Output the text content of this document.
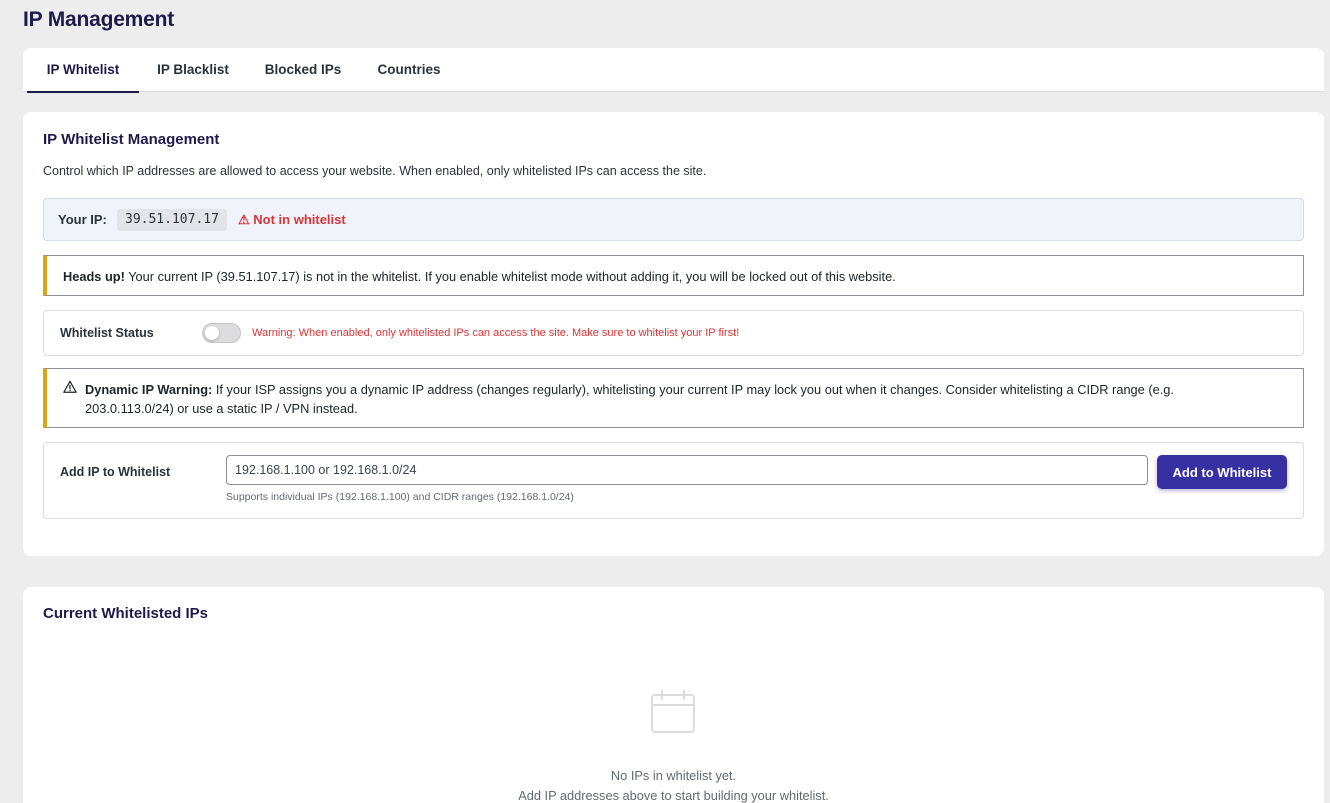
IP Management
IP Whitelist	IP Blacklist	Blocked IPs	Countries
IP Whitelist Management
Control which IP addresses are allowed to access your website. When enabled, only whitelisted IPs can access the site.
Your IP:	39.51.107.17	⚠ Not in whitelist
Heads up! Your current IP (39.51.107.17) is not in the whitelist. If you enable whitelist mode without adding it, you will be locked out of this website.
Whitelist Status	Warning: When enabled, only whitelisted IPs can access the site. Make sure to whitelist your IP first!
Dynamic IP Warning: If your ISP assigns you a dynamic IP address (changes regularly), whitelisting your current IP may lock you out when it changes. Consider whitelisting a CIDR range (e.g. 203.0.113.0/24) or use a static IP / VPN instead.
Add IP to Whitelist
192.168.1.100 or 192.168.1.0/24
Supports individual IPs (192.168.1.100) and CIDR ranges (192.168.1.0/24)
Add to Whitelist
Current Whitelisted IPs
No IPs in whitelist yet.
Add IP addresses above to start building your whitelist.
